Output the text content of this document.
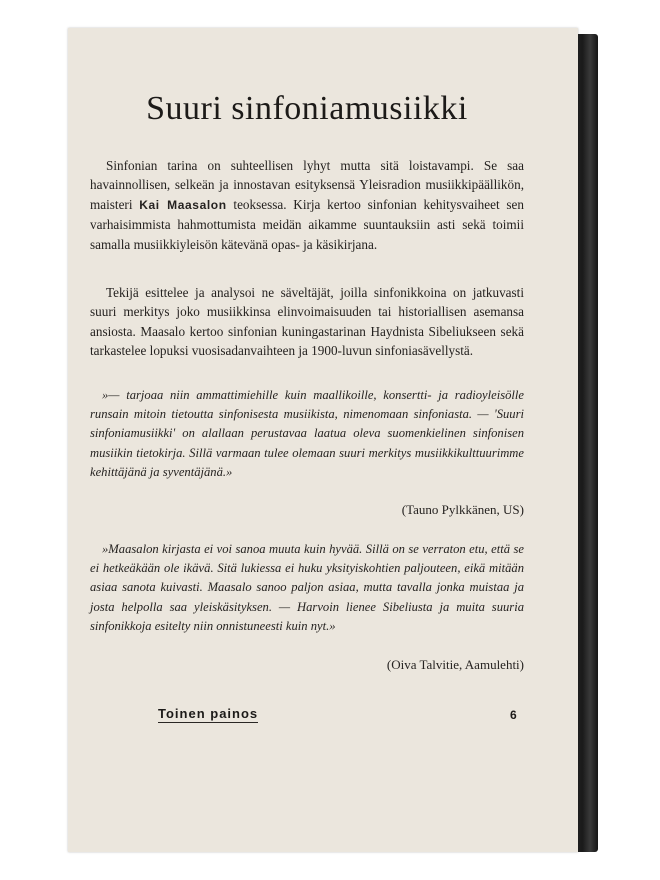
Suuri sinfoniamusiikki

Sinfonian tarina on suhteellisen lyhyt mutta sitä loistavampi. Se saa havainnollisen, selkeän ja innostavan esityksensä Yleisradion musiikkipäällikön, maisteri Kai Maasalon teoksessa. Kirja kertoo sinfonian kehitysvaiheet sen varhaisimmista hahmottumista meidän aikamme suuntauksiin asti sekä toimii samalla musiikkiyleisön kätevänä opas- ja käsikirjana.

Tekijä esittelee ja analysoi ne säveltäjät, joilla sinfonikkoina on jatkuvasti suuri merkitys joko musiikkinsa elinvoimaisuuden tai historiallisen asemansa ansiosta. Maasalo kertoo sinfonian kuningastarinan Haydnista Sibeliukseen sekä tarkastelee lopuksi vuosisadanvaihteen ja 1900-luvun sinfoniasävellystä.

»— tarjoaa niin ammattimiehille kuin maallikoille, konsertti- ja radioyleisölle runsain mitoin tietoutta sinfonisesta musiikista, nimenomaan sinfoniasta. — 'Suuri sinfoniamusiikki' on alallaan perustavaa laatua oleva suomenkielinen sinfonisen musiikin tietokirja. Sillä varmaan tulee olemaan suuri merkitys musiikkikulttuurimme kehittäjänä ja syventäjänä.»

(Tauno Pylkkänen, US)

»Maasalon kirjasta ei voi sanoa muuta kuin hyvää. Sillä on se verraton etu, että se ei hetkeäkään ole ikävä. Sitä lukiessa ei huku yksityiskohtien paljouteen, eikä mitään asiaa sanota kuivasti. Maasalo sanoo paljon asiaa, mutta tavalla jonka muistaa ja josta helpolla saa yleiskäsityksen. — Harvoin lienee Sibeliusta ja muita suuria sinfonikkoja esitelty niin onnistuneesti kuin nyt.»

(Oiva Talvitie, Aamulehti)

Toinen painos	6
